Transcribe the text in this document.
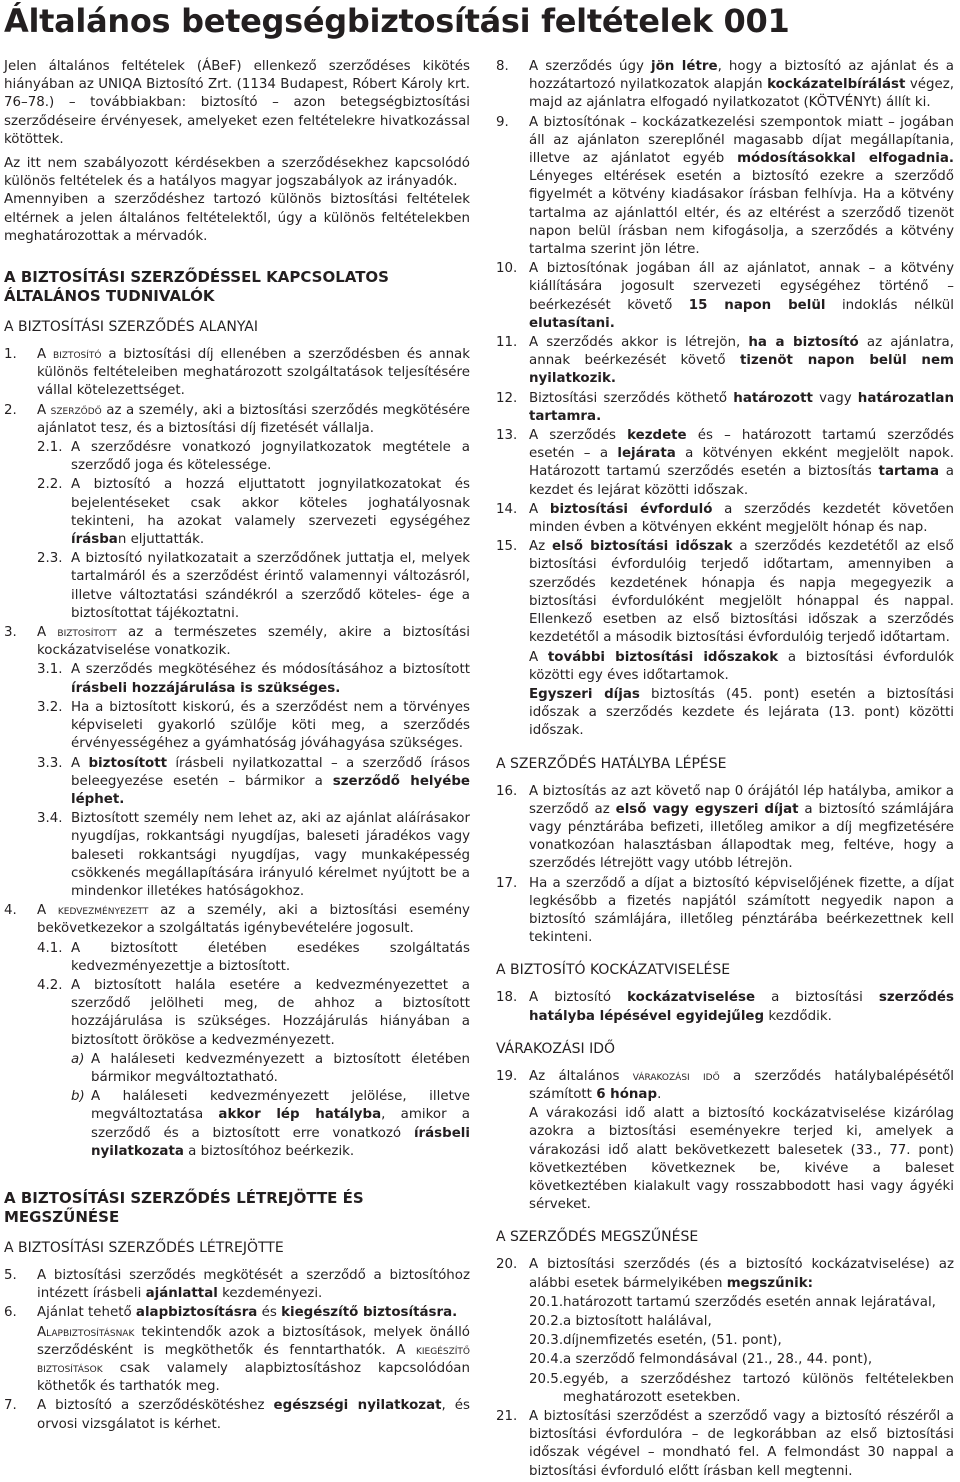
Általános betegségbiztosítási feltételek 001

Jelen általános feltételek (ÁBeF) ellenkező szerződéses kikötés hiányában az UNIQA Biztosító Zrt. (1134 Budapest, Róbert Károly krt. 76–78.) – továbbiakban: biztosító – azon betegségbiztosítási szerződéseire érvényesek, amelyeket ezen feltételekre hivatkozással kötöttek.

Az itt nem szabályozott kérdésekben a szerződésekhez kapcsolódó különös feltételek és a hatályos magyar jogszabályok az irányadók.

Amennyiben a szerződéshez tartozó különös biztosítási feltételek eltérnek a jelen általános feltételektől, úgy a különös feltételekben meghatározottak a mérvadók.

A BIZTOSÍTÁSI SZERZŐDÉSSEL KAPCSOLATOS ÁLTALÁNOS TUDNIVALÓK
A BIZTOSÍTÁSI SZERZŐDÉS ALANYAI
1. A biztosító a biztosítási díj ellenében a szerződésben és annak különös feltételeiben meghatározott szolgáltatások teljesítésére vállal kötelezettséget.
2. A szerződő az a személy, aki a biztosítási szerződés megkötésére ajánlatot tesz, és a biztosítási díj fizetését vállalja.
2.1. A szerződésre vonatkozó jognyilatkozatok megtétele a szerződő joga és kötelessége.
2.2. A biztosító a hozzá eljuttatott jognyilatkozatokat és bejelentéseket csak akkor köteles joghatályosnak tekinteni, ha azokat valamely szervezeti egységéhez írásban eljuttatták.
2.3. A biztosító nyilatkozatait a szerződőnek juttatja el, melyek tartalmáról és a szerződést érintő valamennyi változásról, illetve változtatási szándékról a szerződő köteles- ége a biztosítottat tájékoztatni.
3. A biztosított az a természetes személy, akire a biztosítási kockázatviselése vonatkozik.
3.1. A szerződés megkötéséhez és módosításához a biztosított írásbeli hozzájárulása is szükséges.
3.2. Ha a biztosított kiskorú, és a szerződést nem a törvényes képviseleti gyakorló szülője köti meg, a szerződés érvényességéhez a gyámhatóság jóváhagyása szükséges.
3.3. A biztosított írásbeli nyilatkozattal – a szerződő írásos beleegyezése esetén – bármikor a szerződő helyébe léphet.
3.4. Biztosított személy nem lehet az, aki az ajánlat aláírásakor nyugdíjas, rokkantsági nyugdíjas, baleseti járadékos vagy baleseti rokkantsági nyugdíjas, vagy munkaképesség csökkenés megállapítására irányuló kérelmet nyújtott be a mindenkor illetékes hatóságokhoz.
4. A kedvezményezett az a személy, aki a biztosítási esemény bekövetkezekor a szolgáltatás igénybevételére jogosult.
4.1. A biztosított életében esedékes szolgáltatás kedvezményezettje a biztosított.
4.2. A biztosított halála esetére a kedvezményezettet a szerződő jelölheti meg, de ahhoz a biztosított hozzájárulása is szükséges. Hozzájárulás hiányában a biztosított örököse a kedvezményezett.
a) A haláleseti kedvezményezett a biztosított életében bármikor megváltoztatható.
b) A haláleseti kedvezményezett jelölése, illetve megváltoztatása akkor lép hatályba, amikor a szerződő és a biztosított erre vonatkozó írásbeli nyilatkozata a biztosítóhoz beérkezik.
A BIZTOSÍTÁSI SZERZŐDÉS LÉTREJÖTTE ÉS MEGSZŰNÉSE
A BIZTOSÍTÁSI SZERZŐDÉS LÉTREJÖTTE
5. A biztosítási szerződés megkötését a szerződő a biztosítóhoz intézett írásbeli ajánlattal kezdeményezi.
6. Ajánlat tehető alapbiztosításra és kiegészítő biztosításra.
Alapbiztosításnak tekintendők azok a biztosítások, melyek önálló szerződésként is megköthetők és fenntarthatók. A kiegészítő biztosítások csak valamely alapbiztosításhoz kapcsolódóan köthetők és tarthatók meg.
7. A biztosító a szerződéskötéshez egészségi nyilatkozat, és orvosi vizsgálatot is kérhet.
8. A szerződés úgy jön létre, hogy a biztosító az ajánlat és a hozzátartozó nyilatkozatok alapján kockázatelbírálást végez, majd az ajánlatra elfogadó nyilatkozatot (KÖTVÉNYt) állít ki.
9. A biztosítónak – kockázatkezelési szempontok miatt – jogában áll az ajánlaton szereplőnél magasabb díjat megállapítania, illetve az ajánlatot egyéb módosításokkal elfogadnia. Lényeges eltérések esetén a biztosító ezekre a szerződő figyelmét a kötvény kiadásakor írásban felhívja. Ha a kötvény tartalma az ajánlattól eltér, és az eltérést a szerződő tizenöt napon belül írásban nem kifogásolja, a szerződés a kötvény tartalma szerint jön létre.
10. A biztosítónak jogában áll az ajánlatot, annak – a kötvény kiállítására jogosult szervezeti egységéhez történő – beérkezését követő 15 napon belül indoklás nélkül elutasítani.
11. A szerződés akkor is létrejön, ha a biztosító az ajánlatra, annak beérkezését követő tizenöt napon belül nem nyilatkozik.
12. Biztosítási szerződés köthető határozott vagy határozatlan tartamra.
13. A szerződés kezdete és – határozott tartamú szerződés esetén – a lejárata a kötvényen ekként megjelölt napok. Határozott tartamú szerződés esetén a biztosítás tartama a kezdet és lejárat közötti időszak.
14. A biztosítási évforduló a szerződés kezdetét követően minden évben a kötvényen ekként megjelölt hónap és nap.
15. Az első biztosítási időszak a szerződés kezdetétől az első biztosítási évfordulóig terjedő időtartam, amennyiben a szerződés kezdetének hónapja és napja megegyezik a biztosítási évfordulóként megjelölt hónappal és nappal. Ellenkező esetben az első biztosítási időszak a szerződés kezdetétől a második biztosítási évfordulóig terjedő időtartam.
A további biztosítási időszakok a biztosítási évfordulók közötti egy éves időtartamok.
Egyszeri díjas biztosítás (45. pont) esetén a biztosítási időszak a szerződés kezdete és lejárata (13. pont) közötti időszak.
A SZERZŐDÉS HATÁLYBA LÉPÉSE
16. A biztosítás az azt követő nap 0 órájától lép hatályba, amikor a szerződő az első vagy egyszeri díjat a biztosító számlájára vagy pénztárába befizeti, illetőleg amikor a díj megfizetésére vonatkozóan halasztásban állapodtak meg, feltéve, hogy a szerződés létrejött vagy utóbb létrejön.
17. Ha a szerződő a díjat a biztosító képviselőjének fizette, a díjat legkésőbb a fizetés napjától számított negyedik napon a biztosító számlájára, illetőleg pénztárába beérkezettnek kell tekinteni.
A BIZTOSÍTÓ KOCKÁZATVISELÉSE
18. A biztosító kockázatviselése a biztosítási szerződés hatályba lépésével egyidejűleg kezdődik.
VÁRAKOZÁSI IDŐ
19. Az általános várakozási idő a szerződés hatálybalépésétől számított 6 hónap.
A várakozási idő alatt a biztosító kockázatviselése kizárólag azokra a biztosítási eseményekre terjed ki, amelyek a várakozási idő alatt bekövetkezett balesetek (33., 77. pont) következtében következnek be, kivéve a baleset következtében kialakult vagy rosszabbodott hasi vagy ágyéki sérveket.
A SZERZŐDÉS MEGSZŰNÉSE
20. A biztosítási szerződés (és a biztosító kockázatviselése) az alábbi esetek bármelyikében megszűnik:
20.1. határozott tartamú szerződés esetén annak lejáratával,
20.2. a biztosított halálával,
20.3. díjnemfizetés esetén, (51. pont),
20.4. a szerződő felmondásával (21., 28., 44. pont),
20.5. egyéb, a szerződéshez tartozó különös feltételekben meghatározott esetekben.
21. A biztosítási szerződést a szerződő vagy a biztosító részéről a biztosítási évfordulóra – de legkorábban az első biztosítási időszak végével – mondható fel. A felmondást 30 nappal a biztosítási évforduló előtt írásban kell megtenni.
